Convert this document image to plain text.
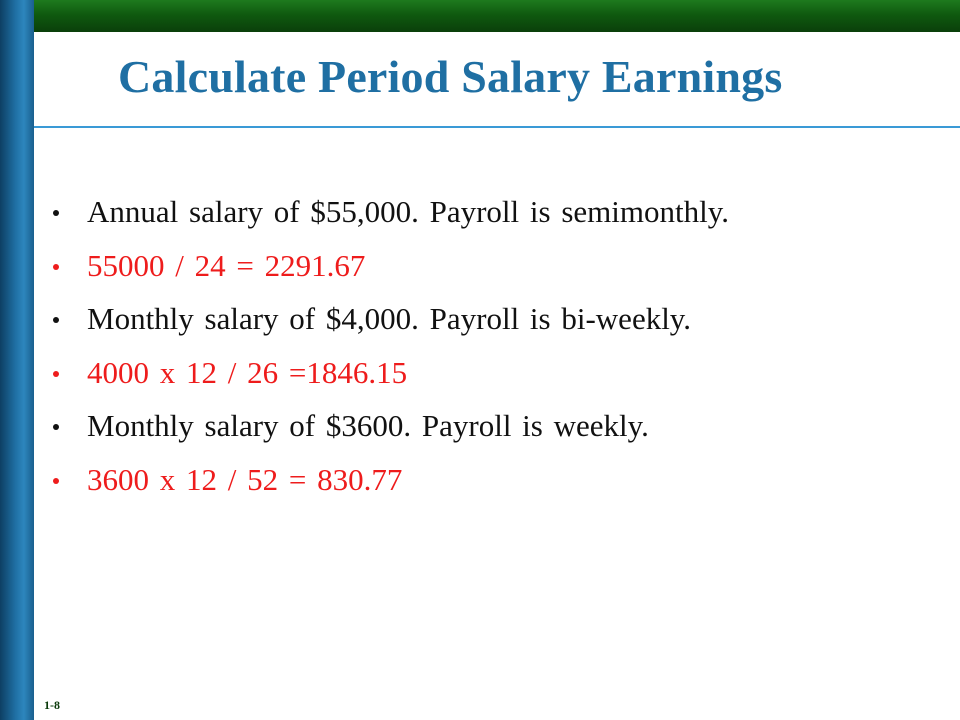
Calculate Period Salary Earnings
Annual salary of $55,000. Payroll is semimonthly.
55000 / 24 = 2291.67
Monthly salary of $4,000. Payroll is bi-weekly.
4000 x 12 / 26 =1846.15
Monthly salary of $3600. Payroll is weekly.
3600 x 12 / 52 = 830.77
1-8
